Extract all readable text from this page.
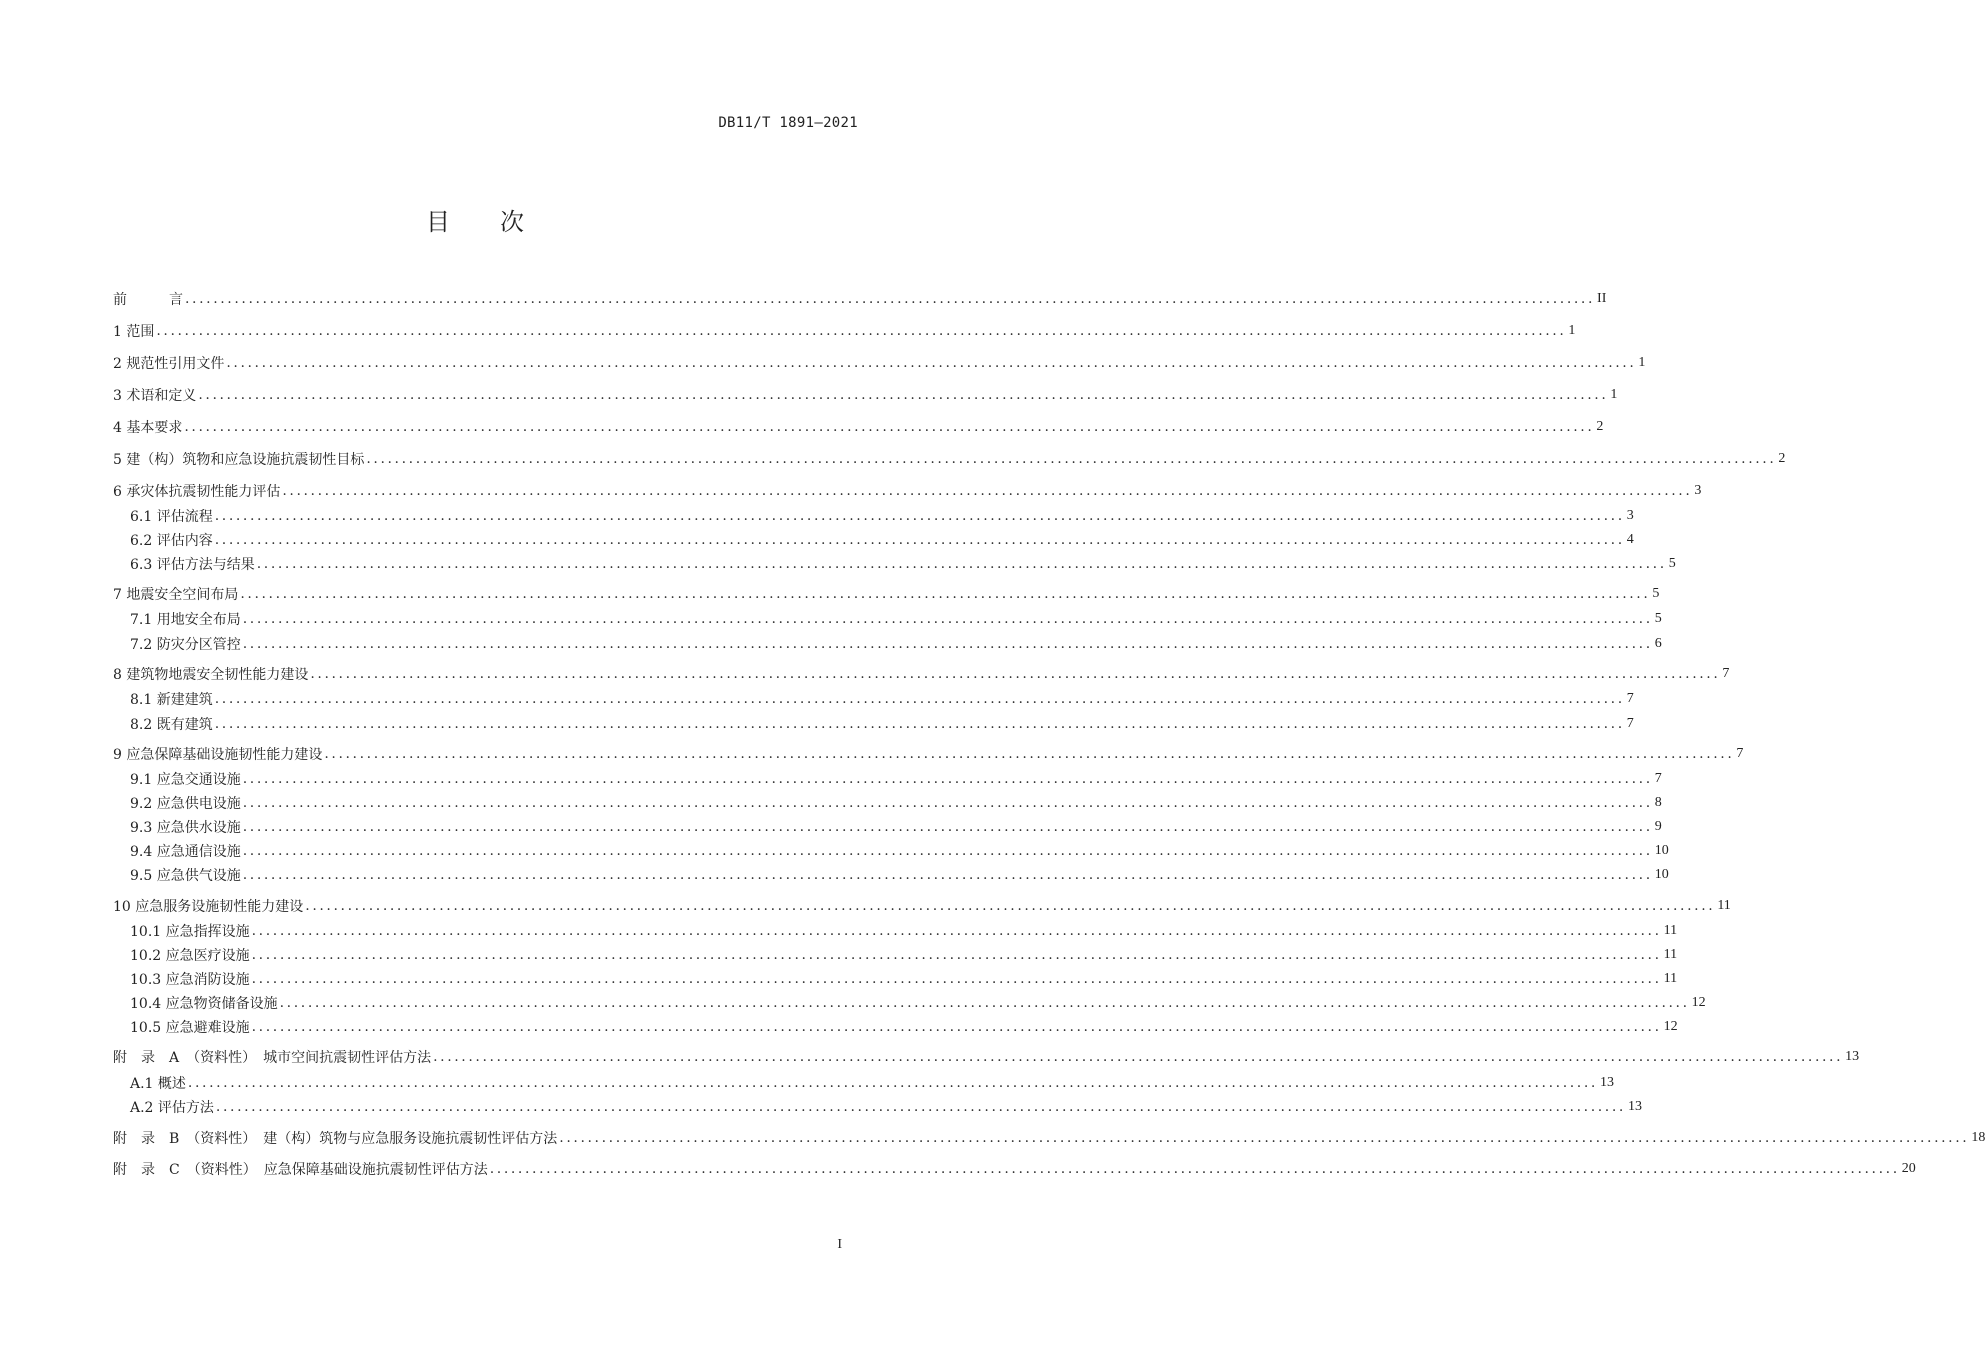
DB11/T 1891—2021
目次
前　　　言 ........................................................................................................................................................................................................ II
1 范围 ........................................................................................................................................................................................................ 1
2 规范性引用文件 ........................................................................................................................................................................................................ 1
3 术语和定义 ........................................................................................................................................................................................................ 1
4 基本要求 ........................................................................................................................................................................................................ 2
5 建（构）筑物和应急设施抗震韧性目标 ........................................................................................................................................................................................................ 2
6 承灾体抗震韧性能力评估 ........................................................................................................................................................................................................ 3
6.1 评估流程 ........................................................................................................................................................................................................ 3
6.2 评估内容 ........................................................................................................................................................................................................ 4
6.3 评估方法与结果 ........................................................................................................................................................................................................ 5
7 地震安全空间布局 ........................................................................................................................................................................................................ 5
7.1 用地安全布局 ........................................................................................................................................................................................................ 5
7.2 防灾分区管控 ........................................................................................................................................................................................................ 6
8 建筑物地震安全韧性能力建设 ........................................................................................................................................................................................................ 7
8.1 新建建筑 ........................................................................................................................................................................................................ 7
8.2 既有建筑 ........................................................................................................................................................................................................ 7
9 应急保障基础设施韧性能力建设 ........................................................................................................................................................................................................ 7
9.1 应急交通设施 ........................................................................................................................................................................................................ 7
9.2 应急供电设施 ........................................................................................................................................................................................................ 8
9.3 应急供水设施 ........................................................................................................................................................................................................ 9
9.4 应急通信设施 ........................................................................................................................................................................................................ 10
9.5 应急供气设施 ........................................................................................................................................................................................................ 10
10 应急服务设施韧性能力建设 ........................................................................................................................................................................................................ 11
10.1 应急指挥设施 ........................................................................................................................................................................................................ 11
10.2 应急医疗设施 ........................................................................................................................................................................................................ 11
10.3 应急消防设施 ........................................................................................................................................................................................................ 11
10.4 应急物资储备设施 ........................................................................................................................................................................................................ 12
10.5 应急避难设施 ........................................................................................................................................................................................................ 12
附　录　A　（资料性）　城市空间抗震韧性评估方法 ........................................................................................................................................................................................................ 13
A.1 概述 ........................................................................................................................................................................................................ 13
A.2 评估方法 ........................................................................................................................................................................................................ 13
附　录　B　（资料性）　建（构）筑物与应急服务设施抗震韧性评估方法 ........................................................................................................................................................................................................ 18
附　录　C　（资料性）　应急保障基础设施抗震韧性评估方法 ........................................................................................................................................................................................................ 20
I
